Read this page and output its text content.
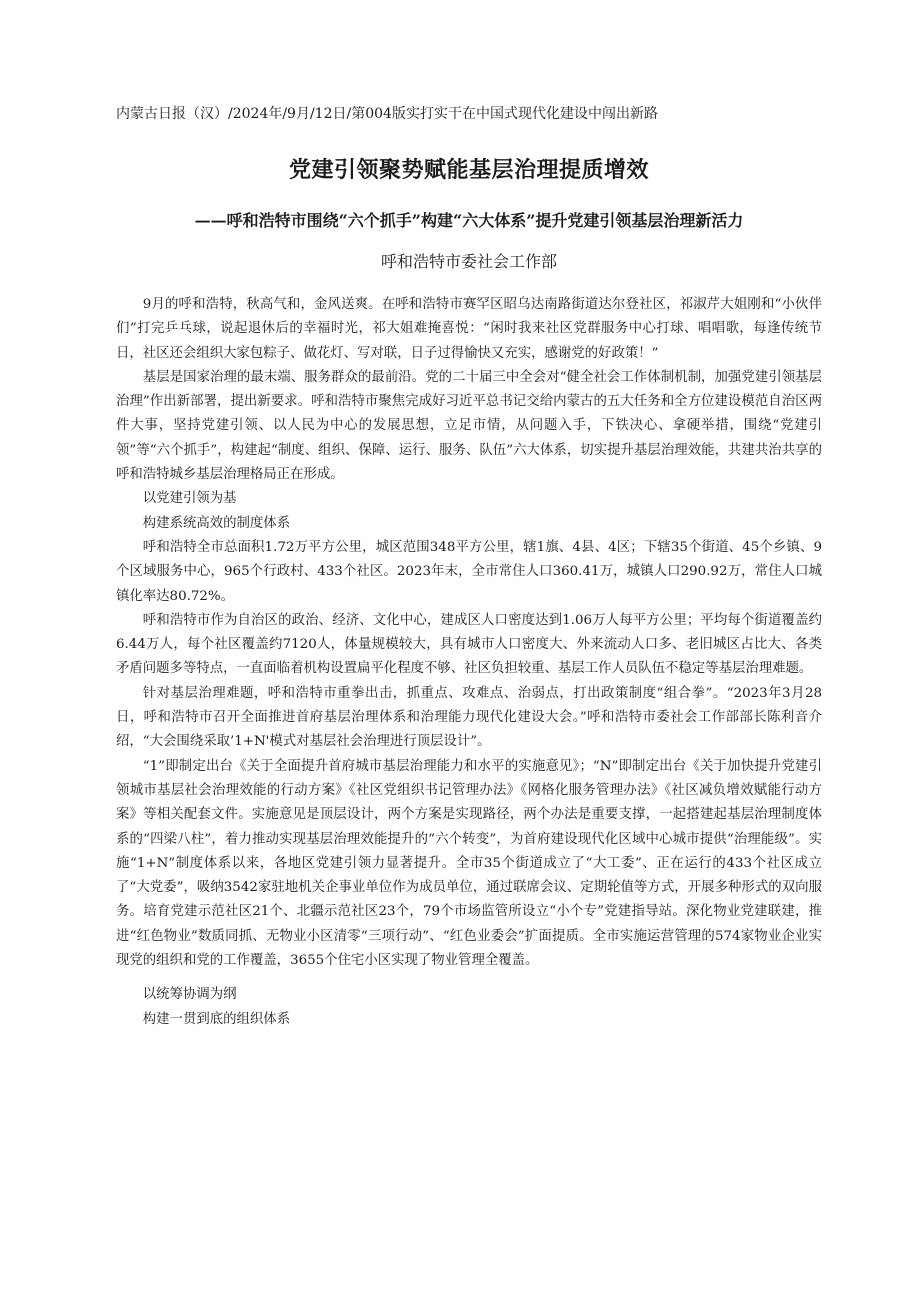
内蒙古日报（汉）/2024年/9月/12日/第004版实打实干在中国式现代化建设中闯出新路

党建引领聚势赋能基层治理提质增效
——呼和浩特市围绕“六个抓手”构建“六大体系”提升党建引领基层治理新活力
呼和浩特市委社会工作部

9月的呼和浩特，秋高气和，金风送爽。在呼和浩特市赛罕区昭乌达南路街道达尔登社区，祁淑芹大姐刚和“小伙伴们”打完乒乓球，说起退休后的幸福时光，祁大姐难掩喜悦：“闲时我来社区党群服务中心打球、唱唱歌，每逢传统节日，社区还会组织大家包粽子、做花灯、写对联，日子过得愉快又充实，感谢党的好政策！”

基层是国家治理的最末端、服务群众的最前沿。党的二十届三中全会对“健全社会工作体制机制，加强党建引领基层治理”作出新部署，提出新要求。呼和浩特市聚焦完成好习近平总书记交给内蒙古的五大任务和全方位建设模范自治区两件大事，坚持党建引领、以人民为中心的发展思想，立足市情，从问题入手，下铁决心、拿硬举措，围绕“党建引领”等“六个抓手”，构建起“制度、组织、保障、运行、服务、队伍”六大体系，切实提升基层治理效能，共建共治共享的呼和浩特城乡基层治理格局正在形成。

以党建引领为基

构建系统高效的制度体系

呼和浩特全市总面积1.72万平方公里，城区范围348平方公里，辖1旗、4县、4区；下辖35个街道、45个乡镇、9个区域服务中心，965个行政村、433个社区。2023年末，全市常住人口360.41万，城镇人口290.92万，常住人口城镇化率达80.72%。

呼和浩特市作为自治区的政治、经济、文化中心，建成区人口密度达到1.06万人每平方公里；平均每个街道覆盖约6.44万人，每个社区覆盖约7120人，体量规模较大，具有城市人口密度大、外来流动人口多、老旧城区占比大、各类矛盾问题多等特点，一直面临着机构设置扁平化程度不够、社区负担较重、基层工作人员队伍不稳定等基层治理难题。

针对基层治理难题，呼和浩特市重拳出击，抓重点、攻难点、治弱点，打出政策制度“组合拳”。“2023年3月28日，呼和浩特市召开全面推进首府基层治理体系和治理能力现代化建设大会。”呼和浩特市委社会工作部部长陈利音介绍，“大会围绕采取’1+N'模式对基层社会治理进行顶层设计”。

“1”即制定出台《关于全面提升首府城市基层治理能力和水平的实施意见》；“N”即制定出台《关于加快提升党建引领城市基层社会治理效能的行动方案》《社区党组织书记管理办法》《网格化服务管理办法》《社区减负增效赋能行动方案》等相关配套文件。实施意见是顶层设计，两个方案是实现路径，两个办法是重要支撑，一起搭建起基层治理制度体系的“四梁八柱”，着力推动实现基层治理效能提升的“六个转变”，为首府建设现代化区域中心城市提供“治理能级”。实施“1+N”制度体系以来，各地区党建引领力显著提升。全市35个街道成立了“大工委”、正在运行的433个社区成立了“大党委”，吸纳3542家驻地机关企事业单位作为成员单位，通过联席会议、定期轮值等方式，开展多种形式的双向服务。培育党建示范社区21个、北疆示范社区23个，79个市场监管所设立“小个专”党建指导站。深化物业党建联建，推进“红色物业”数质同抓、无物业小区清零“三项行动”、“红色业委会”扩面提质。全市实施运营管理的574家物业企业实现党的组织和党的工作覆盖，3655个住宅小区实现了物业管理全覆盖。

以统筹协调为纲

构建一贯到底的组织体系
